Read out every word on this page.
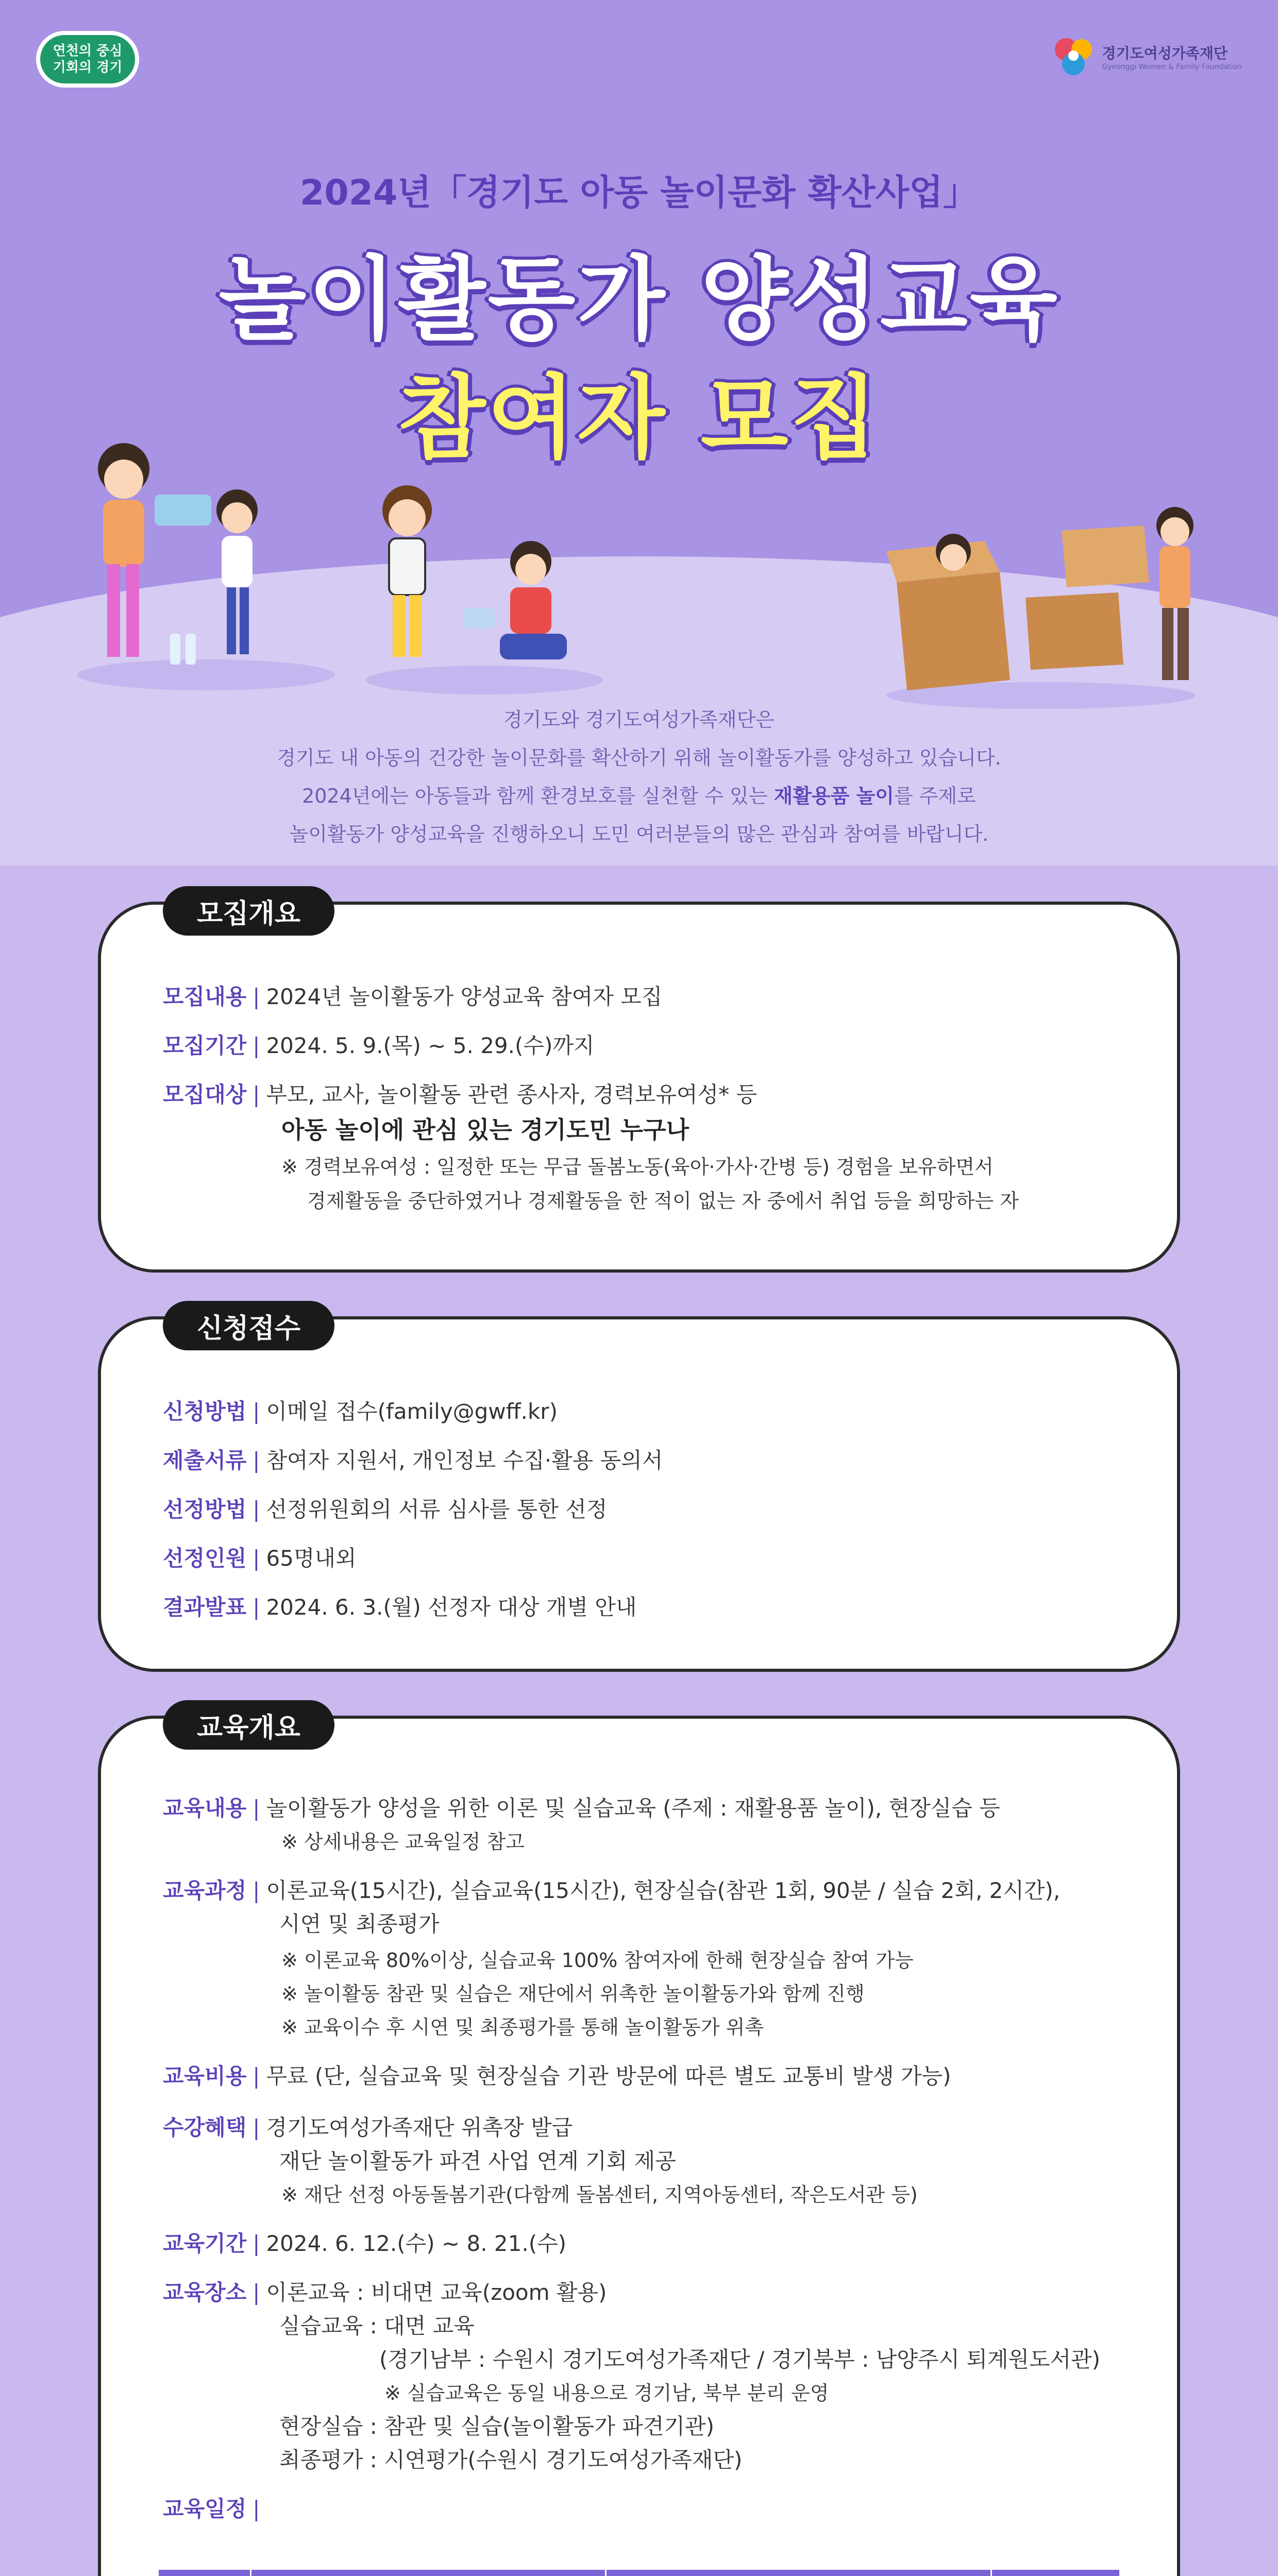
연천의 중심
기회의 경기
경기도여성가족재단
Gyeonggi Women & Family Foundation
2024년「경기도 아동 놀이문화 확산사업」
놀이활동가 양성교육
참여자 모집
경기도와 경기도여성가족재단은
경기도 내 아동의 건강한 놀이문화를 확산하기 위해 놀이활동가를 양성하고 있습니다.
2024년에는 아동들과 함께 환경보호를 실천할 수 있는 재활용품 놀이를 주제로
놀이활동가 양성교육을 진행하오니 도민 여러분들의 많은 관심과 참여를 바랍니다.
모집개요
모집내용 | 2024년 놀이활동가 양성교육 참여자 모집
모집기간 | 2024. 5. 9.(목) ~ 5. 29.(수)까지
모집대상 | 부모, 교사, 놀이활동 관련 종사자, 경력보유여성* 등
아동 놀이에 관심 있는 경기도민 누구나
※ 경력보유여성 : 일정한 또는 무급 돌봄노동(육아·가사·간병 등) 경험을 보유하면서
경제활동을 중단하였거나 경제활동을 한 적이 없는 자 중에서 취업 등을 희망하는 자
신청접수
신청방법 | 이메일 접수(family@gwff.kr)
제출서류 | 참여자 지원서, 개인정보 수집·활용 동의서
선정방법 | 선정위원회의 서류 심사를 통한 선정
선정인원 | 65명내외
결과발표 | 2024. 6. 3.(월) 선정자 대상 개별 안내
교육개요
교육내용 | 놀이활동가 양성을 위한 이론 및 실습교육 (주제 : 재활용품 놀이), 현장실습 등
※ 상세내용은 교육일정 참고
교육과정 | 이론교육(15시간), 실습교육(15시간), 현장실습(참관 1회, 90분 / 실습 2회, 2시간),
시연 및 최종평가
※ 이론교육 80%이상, 실습교육 100% 참여자에 한해 현장실습 참여 가능
※ 놀이활동 참관 및 실습은 재단에서 위촉한 놀이활동가와 함께 진행
※ 교육이수 후 시연 및 최종평가를 통해 놀이활동가 위촉
교육비용 | 무료 (단, 실습교육 및 현장실습 기관 방문에 따른 별도 교통비 발생 가능)
수강혜택 | 경기도여성가족재단 위촉장 발급
재단 놀이활동가 파견 사업 연계 기회 제공
※ 재단 선정 아동돌봄기관(다함께 돌봄센터, 지역아동센터, 작은도서관 등)
교육기간 | 2024. 6. 12.(수) ~ 8. 21.(수)
교육장소 | 이론교육 : 비대면 교육(zoom 활용)
실습교육 : 대면 교육
(경기남부 : 수원시 경기도여성가족재단 / 경기북부 : 남양주시 퇴계원도서관)
※ 실습교육은 동일 내용으로 경기남, 북부 분리 운영
현장실습 : 참관 및 실습(놀이활동가 파견기관)
최종평가 : 시연평가(수원시 경기도여성가족재단)
교육일정 |
